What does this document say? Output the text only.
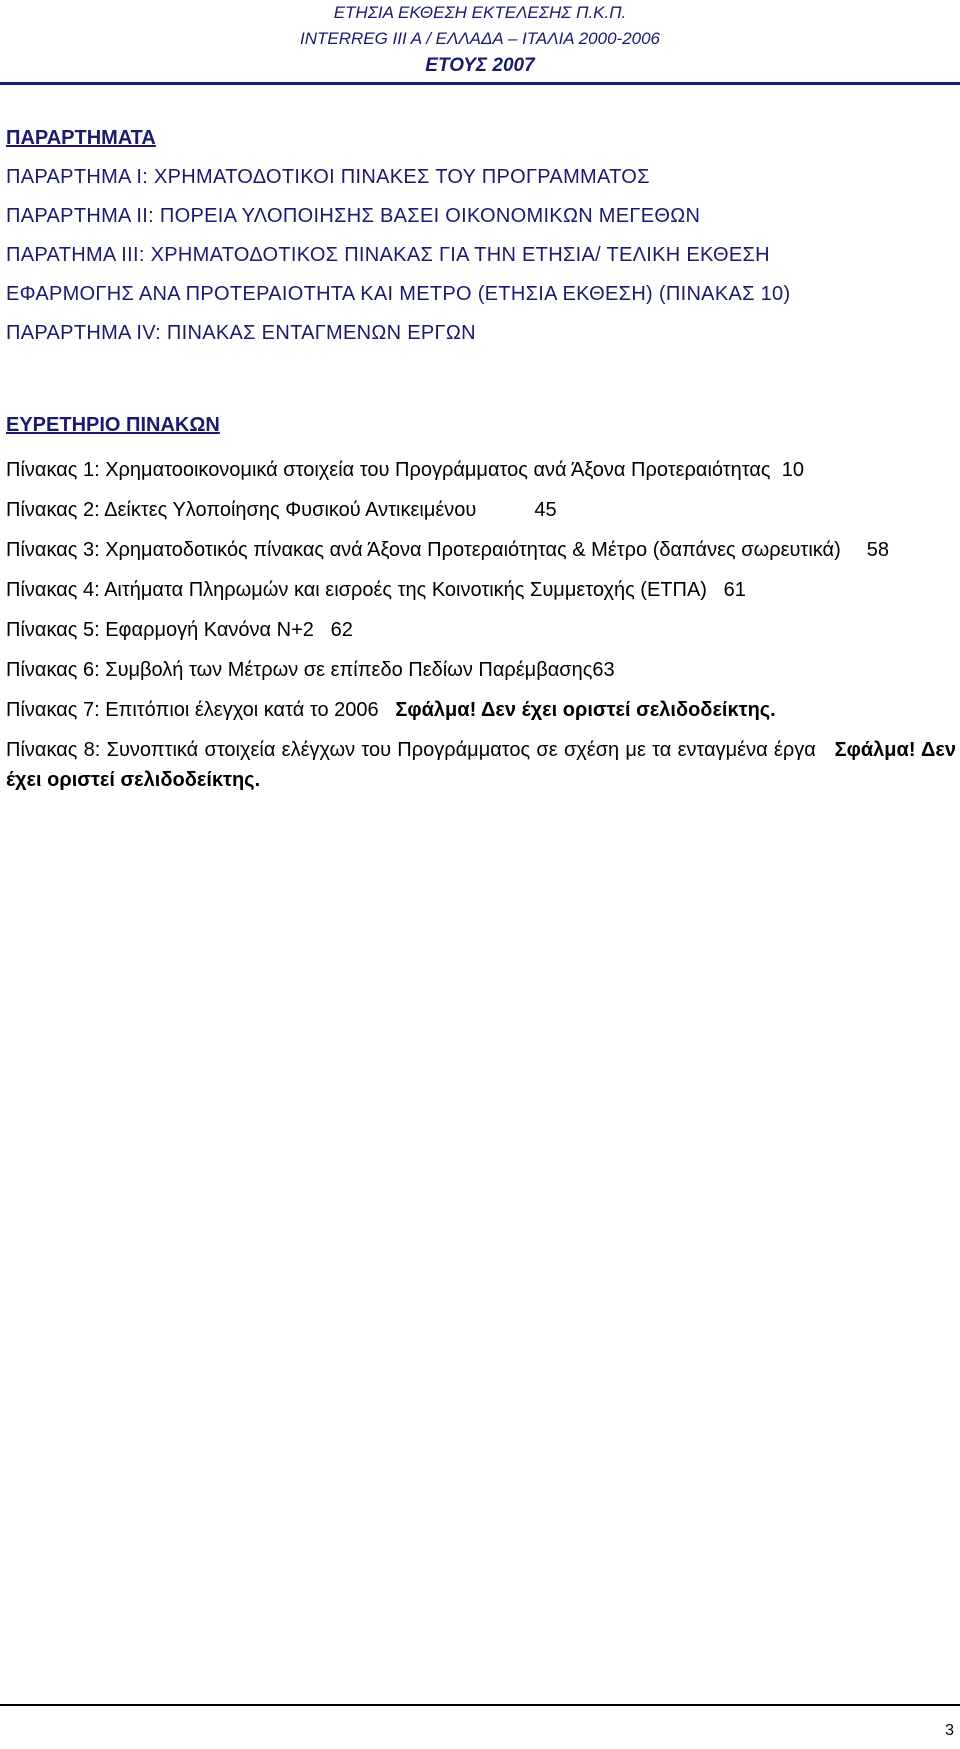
ΕΤΗΣΙΑ ΕΚΘΕΣΗ ΕΚΤΕΛΕΣΗΣ Π.Κ.Π.
INTERREG III A / ΕΛΛΑΔΑ – ΙΤΑΛΙΑ 2000-2006
ΕΤΟΥΣ 2007

ΠΑΡΑΡΤΗΜΑΤΑ

ΠΑΡΑΡΤΗΜΑ Ι: ΧΡΗΜΑΤΟΔΟΤΙΚΟΙ ΠΙΝΑΚΕΣ ΤΟΥ ΠΡΟΓΡΑΜΜΑΤΟΣ

ΠΑΡΑΡΤΗΜΑ ΙΙ: ΠΟΡΕΙΑ ΥΛΟΠΟΙΗΣΗΣ ΒΑΣΕΙ ΟΙΚΟΝΟΜΙΚΩΝ ΜΕΓΕΘΩΝ

ΠΑΡΑΤΗΜΑ ΙΙΙ: ΧΡΗΜΑΤΟΔΟΤΙΚΟΣ ΠΙΝΑΚΑΣ ΓΙΑ ΤΗΝ ΕΤΗΣΙΑ/ ΤΕΛΙΚΗ ΕΚΘΕΣΗ

ΕΦΑΡΜΟΓΗΣ ΑΝΑ ΠΡΟΤΕΡΑΙΟΤΗΤΑ ΚΑΙ ΜΕΤΡΟ (ΕΤΗΣΙΑ ΕΚΘΕΣΗ) (ΠΙΝΑΚΑΣ 10)

ΠΑΡΑΡΤΗΜΑ IV: ΠΙΝΑΚΑΣ ΕΝΤΑΓΜΕΝΩΝ ΕΡΓΩΝ

ΕΥΡΕΤΗΡΙΟ ΠΙΝΑΚΩΝ

Πίνακας 1: Χρηματοοικονομικά στοιχεία του Προγράμματος ανά Άξονα Προτεραιότητας 10

Πίνακας 2: Δείκτες Υλοποίησης Φυσικού Αντικειμένου	45

Πίνακας 3: Χρηματοδοτικός πίνακας ανά Άξονα Προτεραιότητας & Μέτρο (δαπάνες σωρευτικά) 58

Πίνακας 4: Αιτήματα Πληρωμών και εισροές της Κοινοτικής Συμμετοχής (ΕΤΠΑ) 61

Πίνακας 5: Εφαρμογή Κανόνα Ν+2 62

Πίνακας 6: Συμβολή των Μέτρων σε επίπεδο Πεδίων Παρέμβασης63

Πίνακας 7: Επιτόπιοι έλεγχοι κατά το 2006 Σφάλμα! Δεν έχει οριστεί σελιδοδείκτης.

Πίνακας 8: Συνοπτικά στοιχεία ελέγχων του Προγράμματος σε σχέση με τα ενταγμένα έργα Σφάλμα! Δεν έχει οριστεί σελιδοδείκτης.

3
